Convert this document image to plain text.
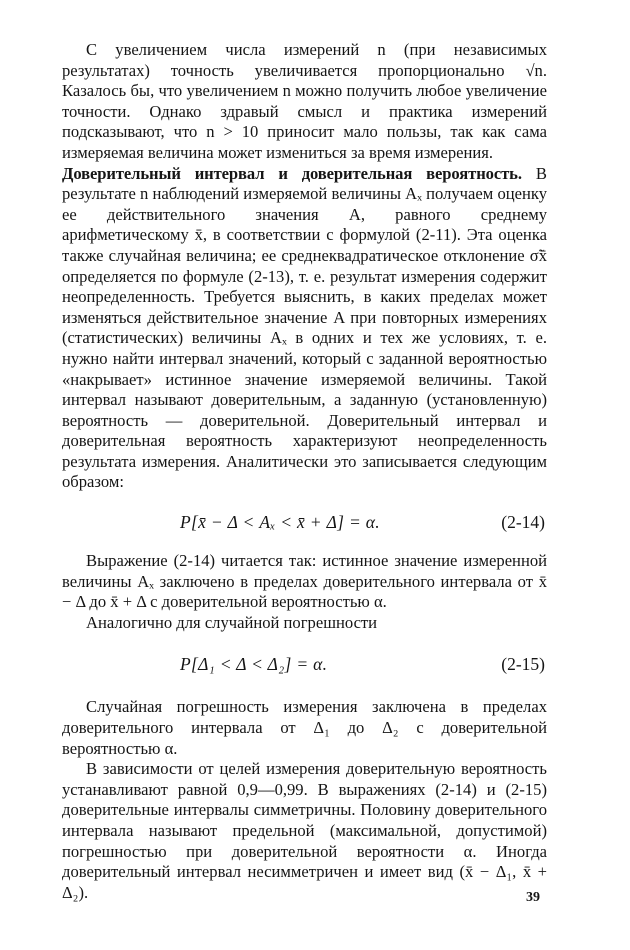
С увеличением числа измерений n (при независимых результатах) точность увеличивается пропорционально √n. Казалось бы, что увеличением n можно получить любое увеличение точности. Однако здравый смысл и практика измерений подсказывают, что n > 10 приносит мало пользы, так как сама измеряемая величина может измениться за время измерения.

Доверительный интервал и доверительная вероятность. В результате n наблюдений измеряемой величины Aₓ получаем оценку ее действительного значения A, равного среднему арифметическому x̄, в соответствии с формулой (2-11). Эта оценка также случайная величина; ее среднеквадратическое отклонение σ̃x̄ определяется по формуле (2-13), т. е. результат измерения содержит неопределенность. Требуется выяснить, в каких пределах может изменяться действительное значение A при повторных измерениях (статистических) величины Aₓ в одних и тех же условиях, т. е. нужно найти интервал значений, который с заданной вероятностью «накрывает» истинное значение измеряемой величины. Такой интервал называют доверительным, а заданную (установленную) вероятность — доверительной. Доверительный интервал и доверительная вероятность характеризуют неопределенность результата измерения. Аналитически это записывается следующим образом:

P[x̄ − Δ < Aₓ < x̄ + Δ] = α.	(2-14)

Выражение (2-14) читается так: истинное значение измеренной величины Aₓ заключено в пределах доверительного интервала от x̄ − Δ до x̄ + Δ с доверительной вероятностью α.

Аналогично для случайной погрешности

P[Δ₁ < Δ < Δ₂] = α.	(2-15)

Случайная погрешность измерения заключена в пределах доверительного интервала от Δ₁ до Δ₂ с доверительной вероятностью α.

В зависимости от целей измерения доверительную вероятность устанавливают равной 0,9—0,99. В выражениях (2-14) и (2-15) доверительные интервалы симметричны. Половину доверительного интервала называют предельной (максимальной, допустимой) погрешностью при доверительной вероятности α. Иногда доверительный интервал несимметричен и имеет вид (x̄ − Δ₁, x̄ + Δ₂).	39
